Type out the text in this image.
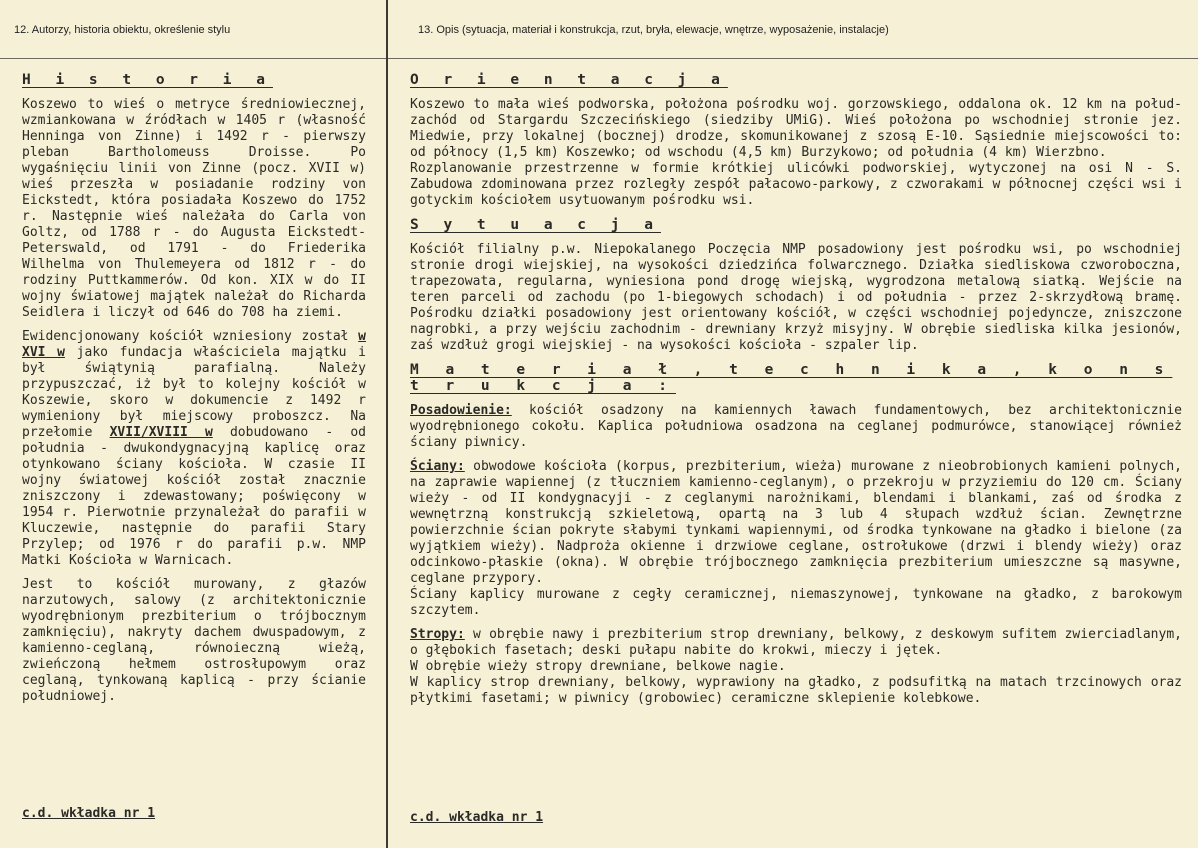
12. Autorzy, historia obiektu, określenie stylu	13. Opis (sytuacja, materiał i konstrukcja, rzut, bryła, elewacje, wnętrze, wyposażenie, instalacje)
H i s t o r i a

Koszewo to wieś o metryce średniowiecznej, wzmiankowana w źródłach w 1405 r (własność Henninga von Zinne) i 1492 r - pierwszy pleban Bartholomeuss Droisse. Po wygaśnięciu linii von Zinne (pocz. XVII w) wieś przeszła w posiadanie rodziny von Eickstedt, która posiadała Koszewo do 1752 r. Następnie wieś należała do Carla von Goltz, od 1788 r - do Augusta Eickstedt-Peterswald, od 1791 - do Friederika Wilhelma von Thulemeyera od 1812 r - do rodziny Puttkammerów. Od kon. XIX w do II wojny światowej majątek należał do Richarda Seidlera i liczył od 646 do 708 ha ziemi.

Ewidencjonowany kościół wzniesiony został w XVI w jako fundacja właściciela majątku i był świątynią parafialną. Należy przypuszczać, iż był to kolejny kościół w Koszewie, skoro w dokumencie z 1492 r wymieniony był miejscowy proboszcz. Na przełomie XVII/XVIII w dobudowano - od południa - dwukondygnacyjną kaplicę oraz otynkowano ściany kościoła. W czasie II wojny światowej kościół został znacznie zniszczony i zdewastowany; poświęcony w 1954 r. Pierwotnie przynależał do parafii w Kluczewie, następnie do parafii Stary Przylep; od 1976 r do parafii p.w. NMP Matki Kościoła w Warnicach.

Jest to kościół murowany, z głazów narzutowych, salowy (z architektonicznie wyodrębnionym prezbiterium o trójbocznym zamknięciu), nakryty dachem dwuspadowym, z kamienno-ceglaną, równoieczną wieżą, zwieńczoną hełmem ostrosłupowym oraz ceglaną, tynkowaną kaplicą - przy ścianie południowej.

c.d. wkładka nr 1
O r i e n t a c j a

Koszewo to mała wieś podworska, położona pośrodku woj. gorzowskiego, oddalona ok. 12 km na połud-zachód od Stargardu Szczecińskiego (siedziby UMiG). Wieś położona po wschodniej stronie jez. Miedwie, przy lokalnej (bocznej) drodze, skomunikowanej z szosą E-10. Sąsiednie miejscowości to: od północy (1,5 km) Koszewko; od wschodu (4,5 km) Burzykowo; od południa (4 km) Wierzbno.

Rozplanowanie przestrzenne w formie krótkiej ulicówki podworskiej, wytyczonej na osi N - S. Zabudowa zdominowana przez rozległy zespół pałacowo-parkowy, z czworakami w północnej części wsi i gotyckim kościołem usytuowanym pośrodku wsi.

S y t u a c j a

Kościół filialny p.w. Niepokalanego Poczęcia NMP posadowiony jest pośrodku wsi, po wschodniej stronie drogi wiejskiej, na wysokości dziedzińca folwarcznego. Działka siedliskowa czworoboczna, trapezowata, regularna, wyniesiona pond drogę wiejską, wygrodzona metalową siatką. Wejście na teren parceli od zachodu (po 1-biegowych schodach) i od południa - przez 2-skrzydłową bramę. Pośrodku działki posadowiony jest orientowany kościół, w części wschodniej pojedyncze, zniszczone nagrobki, a przy wejściu zachodnim - drewniany krzyż misyjny. W obrębie siedliska kilka jesionów, zaś wzdłuż grogi wiejskiej - na wysokości kościoła - szpaler lip.

M a t e r i a ł , t e c h n i k a , k o n s t r u k c j a :

Posadowienie: kościół osadzony na kamiennych ławach fundamentowych, bez architektonicznie wyodrębnionego cokołu. Kaplica południowa osadzona na ceglanej podmurówce, stanowiącej również ściany piwnicy.

Ściany: obwodowe kościoła (korpus, prezbiterium, wieża) murowane z nieobrobionych kamieni polnych, na zaprawie wapiennej (z tłuczniem kamienno-ceglanym), o przekroju w przyziemiu do 120 cm. Ściany wieży - od II kondygnacyji - z ceglanymi narożnikami, blendami i blankami, zaś od środka z wewnętrzną konstrukcją szkieletową, opartą na 3 lub 4 słupach wzdłuż ścian. Zewnętrzne powierzchnie ścian pokryte słabymi tynkami wapiennymi, od środka tynkowane na gładko i bielone (za wyjątkiem wieży). Nadproża okienne i drzwiowe ceglane, ostrołukowe (drzwi i blendy wieży) oraz odcinkowo-płaskie (okna). W obrębie trójbocznego zamknięcia prezbiterium umieszczne są masywne, ceglane przypory.

Ściany kaplicy murowane z cegły ceramicznej, niemaszynowej, tynkowane na gładko, z barokowym szczytem.

Stropy: w obrębie nawy i prezbiterium strop drewniany, belkowy, z deskowym sufitem zwierciadlanym, o głębokich fasetach; deski pułapu nabite do krokwi, mieczy i jętek.

W obrębie wieży stropy drewniane, belkowe nagie.

W kaplicy strop drewniany, belkowy, wyprawiony na gładko, z podsufitką na matach trzcinowych oraz płytkimi fasetami; w piwnicy (grobowiec) ceramiczne sklepienie kolebkowe.

c.d. wkładka nr 1
